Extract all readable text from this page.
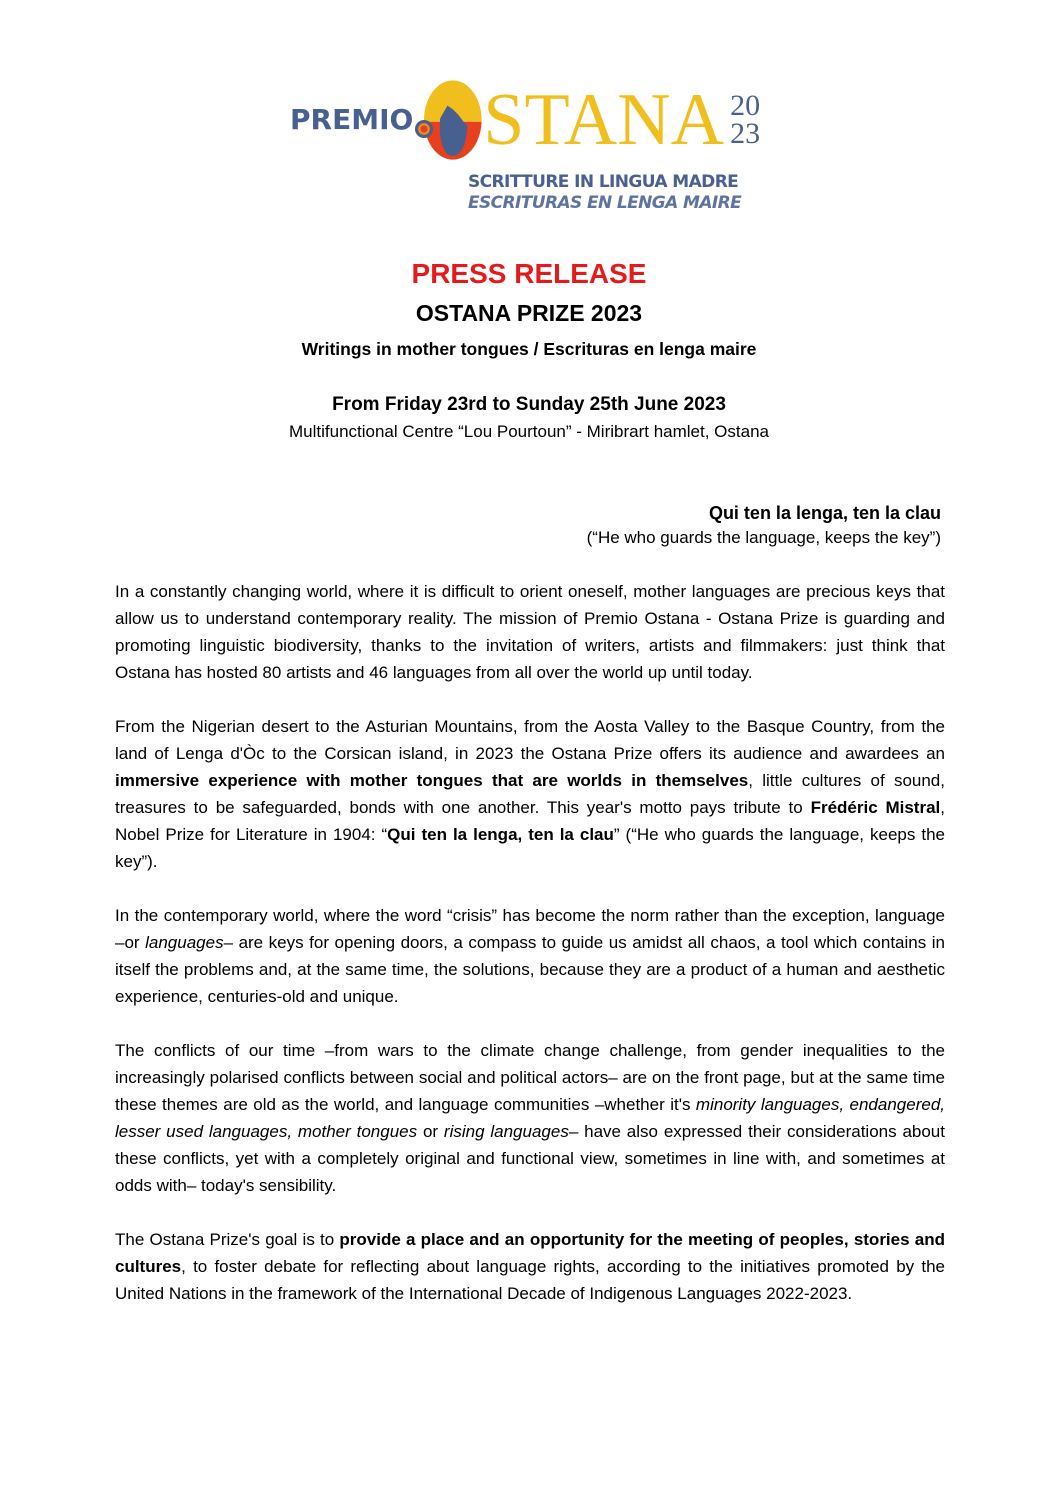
PREMIO STANA 20
23
SCRITTURE IN LINGUA MADRE
ESCRITURAS EN LENGA MAIRE
PRESS RELEASE
OSTANA PRIZE 2023
Writings in mother tongues / Escrituras en lenga maire
From Friday 23rd to Sunday 25th June 2023
Multifunctional Centre “Lou Pourtoun” - Miribrart hamlet, Ostana
Qui ten la lenga, ten la clau
(“He who guards the language, keeps the key”)

In a constantly changing world, where it is difficult to orient oneself, mother languages are precious keys that allow us to understand contemporary reality. The mission of Premio Ostana - Ostana Prize is guarding and promoting linguistic biodiversity, thanks to the invitation of writers, artists and filmmakers: just think that Ostana has hosted 80 artists and 46 languages from all over the world up until today.

From the Nigerian desert to the Asturian Mountains, from the Aosta Valley to the Basque Country, from the land of Lenga d'Òc to the Corsican island, in 2023 the Ostana Prize offers its audience and awardees an immersive experience with mother tongues that are worlds in themselves, little cultures of sound, treasures to be safeguarded, bonds with one another. This year's motto pays tribute to Frédéric Mistral, Nobel Prize for Literature in 1904: “Qui ten la lenga, ten la clau” (“He who guards the language, keeps the key”).

In the contemporary world, where the word “crisis” has become the norm rather than the exception, language –or languages– are keys for opening doors, a compass to guide us amidst all chaos, a tool which contains in itself the problems and, at the same time, the solutions, because they are a product of a human and aesthetic experience, centuries-old and unique.

The conflicts of our time –from wars to the climate change challenge, from gender inequalities to the increasingly polarised conflicts between social and political actors– are on the front page, but at the same time these themes are old as the world, and language communities –whether it's minority languages, endangered, lesser used languages, mother tongues or rising languages– have also expressed their considerations about these conflicts, yet with a completely original and functional view, sometimes in line with, and sometimes at odds with– today's sensibility.

The Ostana Prize's goal is to provide a place and an opportunity for the meeting of peoples, stories and cultures, to foster debate for reflecting about language rights, according to the initiatives promoted by the United Nations in the framework of the International Decade of Indigenous Languages 2022-2023.
